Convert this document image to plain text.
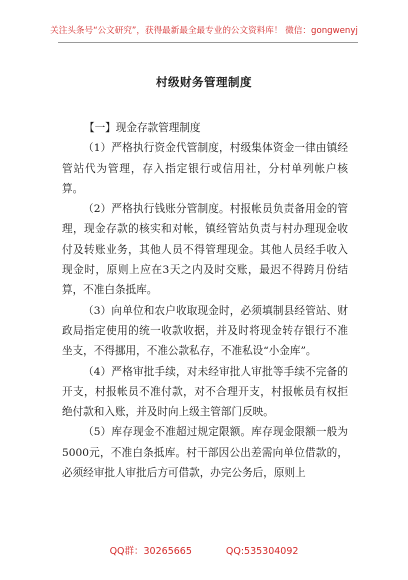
关注头条号“公文研究”，获得最新最全最专业的公文资料库！ 微信：gongwenyj
村级财务管理制度

【一】现金存款管理制度

（1）严格执行资金代管制度，村级集体资金一律由镇经管站代为管理，存入指定银行或信用社，分村单列帐户核算。

（2）严格执行钱账分管制度。村报帐员负责备用金的管理，现金存款的核实和对帐，镇经管站负责与村办理现金收付及转账业务，其他人员不得管理现金。其他人员经手收入现金时，原则上应在3天之内及时交账，最迟不得跨月份结算，不准白条抵库。

（3）向单位和农户收取现金时，必须填制县经管站、财政局指定使用的统一收款收据，并及时将现金转存银行不准坐支，不得挪用，不准公款私存，不准私设“小金库”。

（4）严格审批手续，对未经审批人审批等手续不完备的开支，村报帐员不准付款，对不合理开支，村报帐员有权拒绝付款和入账，并及时向上级主管部门反映。

（5）库存现金不准超过规定限额。库存现金限额一般为5000元，不准白条抵库。村干部因公出差需向单位借款的，必须经审批人审批后方可借款，办完公务后，原则上

QQ群：30265665	QQ:535304092
